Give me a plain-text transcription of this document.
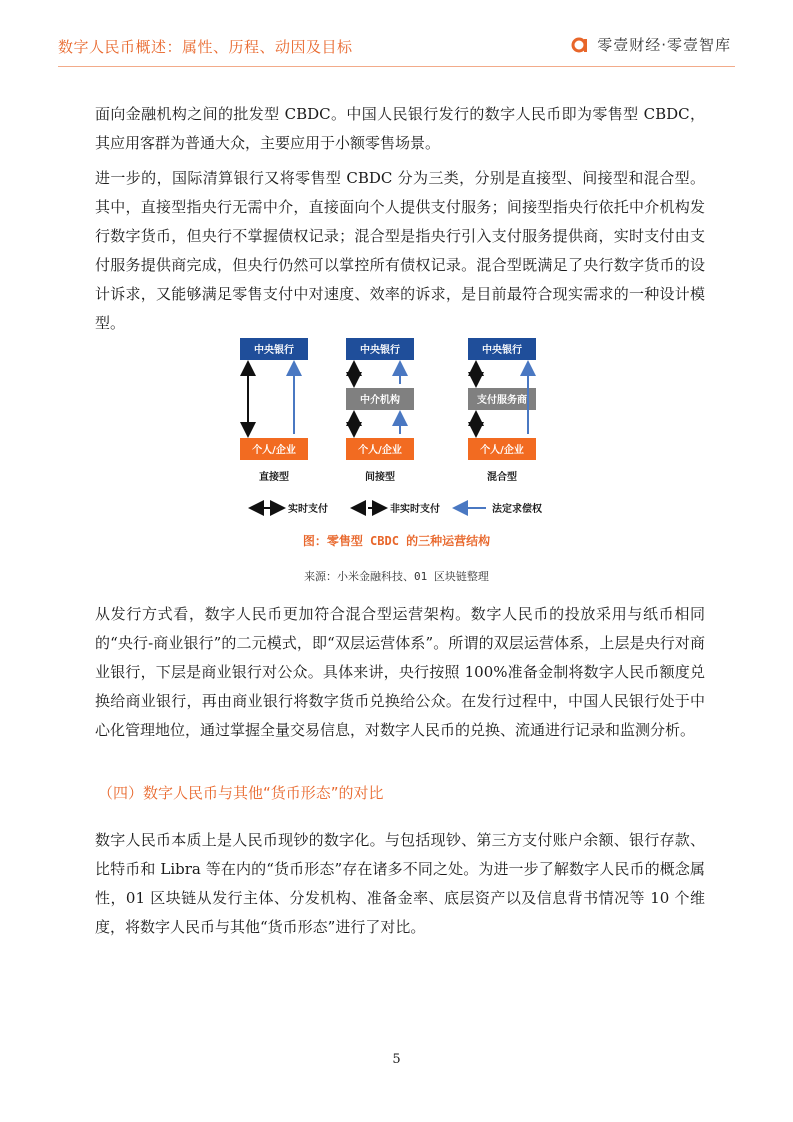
数字人民币概述：属性、历程、动因及目标	零壹财经·零壹智库

面向金融机构之间的批发型 CBDC。中国人民银行发行的数字人民币即为零售型 CBDC，其应用客群为普通大众，主要应用于小额零售场景。

进一步的，国际清算银行又将零售型 CBDC 分为三类，分别是直接型、间接型和混合型。其中，直接型指央行无需中介，直接面向个人提供支付服务；间接型指央行依托中介机构发行数字货币，但央行不掌握债权记录；混合型是指央行引入支付服务提供商，实时支付由支付服务提供商完成，但央行仍然可以掌控所有债权记录。混合型既满足了央行数字货币的设计诉求，又能够满足零售支付中对速度、效率的诉求，是目前最符合现实需求的一种设计模型。

中央银行
个人/企业
直接型
中央银行
中介机构
个人/企业
间接型
中央银行
支付服务商
个人/企业
混合型
实时支付	非实时支付	法定求偿权
图：零售型 CBDC 的三种运营结构
来源：小米金融科技、01 区块链整理

从发行方式看，数字人民币更加符合混合型运营架构。数字人民币的投放采用与纸币相同的“央行-商业银行”的二元模式，即“双层运营体系”。所谓的双层运营体系，上层是央行对商业银行，下层是商业银行对公众。具体来讲，央行按照 100%准备金制将数字人民币额度兑换给商业银行，再由商业银行将数字货币兑换给公众。在发行过程中，中国人民银行处于中心化管理地位，通过掌握全量交易信息，对数字人民币的兑换、流通进行记录和监测分析。

（四）数字人民币与其他“货币形态”的对比

数字人民币本质上是人民币现钞的数字化。与包括现钞、第三方支付账户余额、银行存款、比特币和 Libra 等在内的“货币形态”存在诸多不同之处。为进一步了解数字人民币的概念属性，01 区块链从发行主体、分发机构、准备金率、底层资产以及信息背书情况等 10 个维度，将数字人民币与其他“货币形态”进行了对比。

5
